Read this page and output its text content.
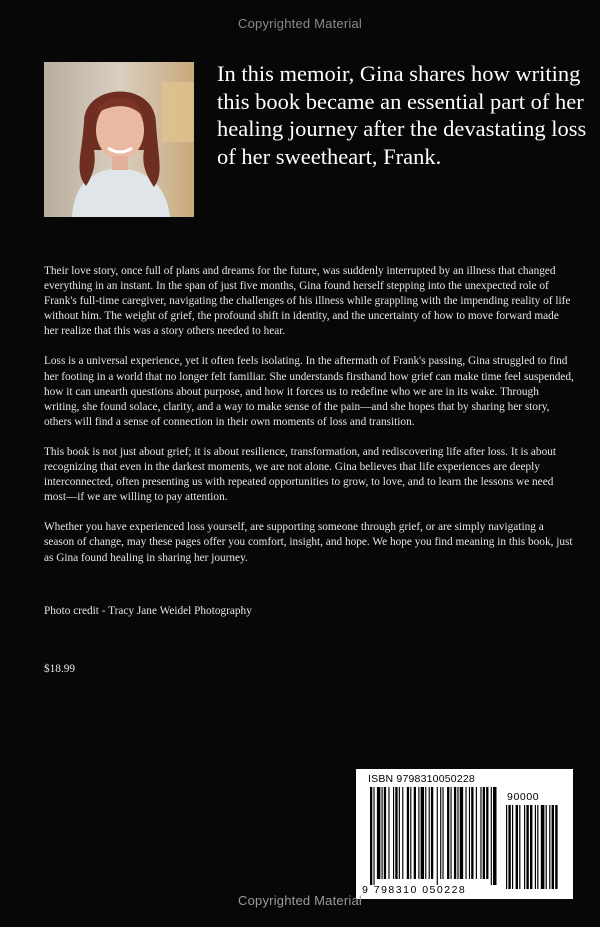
Copyrighted Material

In this memoir, Gina shares how writing this book became an essential part of her healing journey after the devastating loss of her sweetheart, Frank.

Their love story, once full of plans and dreams for the future, was suddenly interrupted by an illness that changed everything in an instant. In the span of just five months, Gina found herself stepping into the unexpected role of Frank's full-time caregiver, navigating the challenges of his illness while grappling with the impending reality of life without him. The weight of grief, the profound shift in identity, and the uncertainty of how to move forward made her realize that this was a story others needed to hear.

Loss is a universal experience, yet it often feels isolating. In the aftermath of Frank's passing, Gina struggled to find her footing in a world that no longer felt familiar. She understands firsthand how grief can make time feel suspended, how it can unearth questions about purpose, and how it forces us to redefine who we are in its wake. Through writing, she found solace, clarity, and a way to make sense of the pain—and she hopes that by sharing her story, others will find a sense of connection in their own moments of loss and transition.

This book is not just about grief; it is about resilience, transformation, and rediscovering life after loss. It is about recognizing that even in the darkest moments, we are not alone. Gina believes that life experiences are deeply interconnected, often presenting us with repeated opportunities to grow, to love, and to learn the lessons we need most—if we are willing to pay attention.

Whether you have experienced loss yourself, are supporting someone through grief, or are simply navigating a season of change, may these pages offer you comfort, insight, and hope. We hope you find meaning in this book, just as Gina found healing in sharing her journey.

Photo credit - Tracy Jane Weidel Photography

$18.99

ISBN 9798310050228
90000
9 798310 050228
Copyrighted Material
